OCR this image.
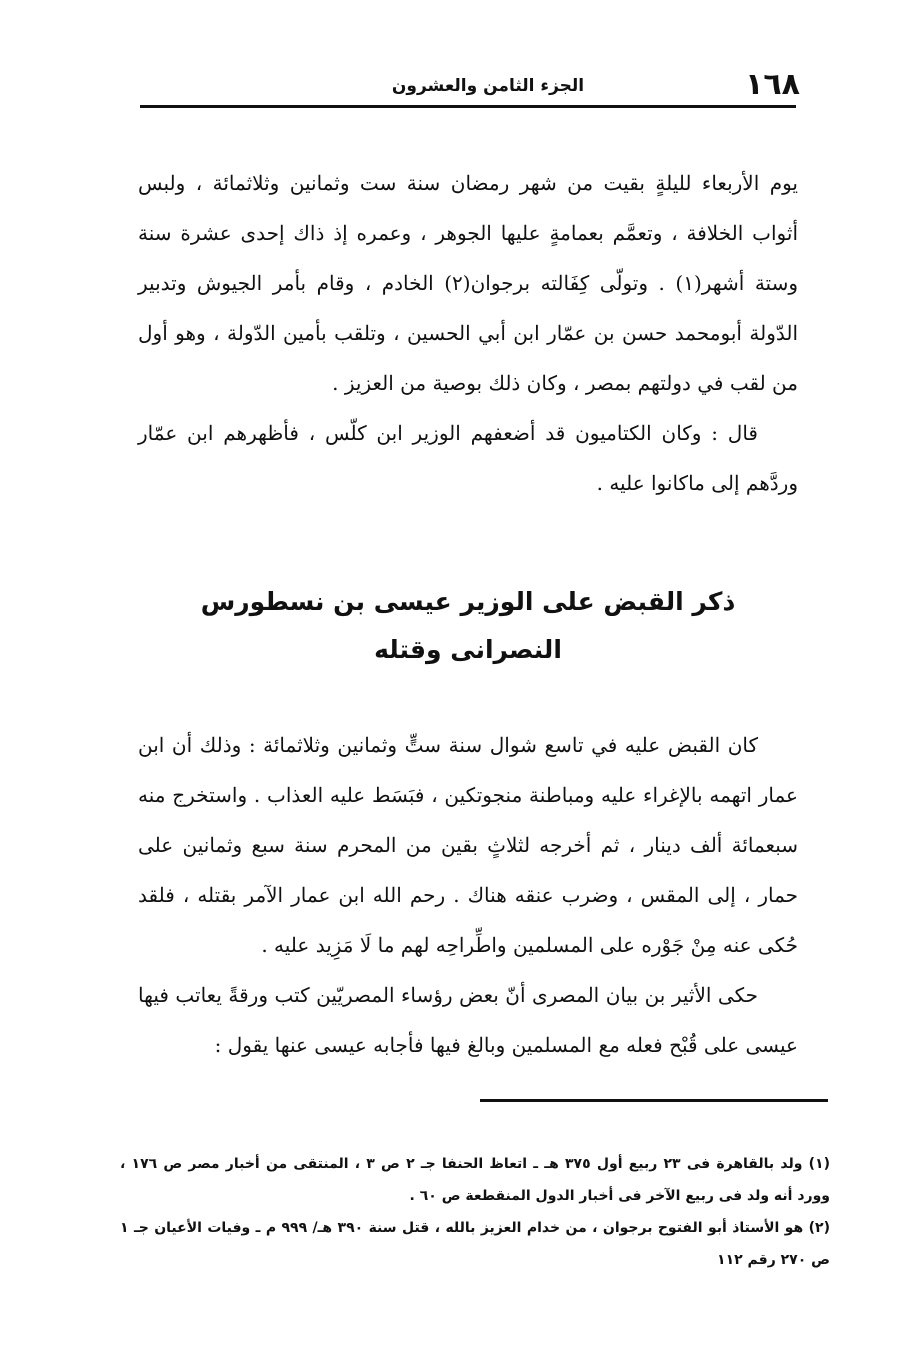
١٦٨
الجزء الثامن والعشرون

يوم الأربعاء لليلةٍ بقيت من شهر رمضان سنة ست وثمانين وثلاثمائة ، ولبس أثواب الخلافة ، وتعمَّم بعمامةٍ عليها الجوهر ، وعمره إذ ذاك إحدى عشرة سنة وستة أشهر(١) . وتولّى كِفَالته برجوان(٢) الخادم ، وقام بأمر الجيوش وتدبير الدّولة أبومحمد حسن بن عمّار ابن أبي الحسين ، وتلقب بأمين الدّولة ، وهو أول من لقب في دولتهم بمصر ، وكان ذلك بوصية من العزيز .

قال : وكان الكتاميون قد أضعفهم الوزير ابن كلّس ، فأظهرهم ابن عمّار وردَّهم إلى ماكانوا عليه .

ذكر القبض على الوزير عيسى بن نسطورس
النصرانى وقتله

كان القبض عليه في تاسع شوال سنة ستٍّ وثمانين وثلاثمائة : وذلك أن ابن عمار اتهمه بالإغراء عليه ومباطنة منجوتكين ، فبَسَط عليه العذاب . واستخرج منه سبعمائة ألف دينار ، ثم أخرجه لثلاثٍ بقين من المحرم سنة سبع وثمانين على حمار ، إلى المقس ، وضرب عنقه هناك . رحم الله ابن عمار الآمر بقتله ، فلقد حُكى عنه مِنْ جَوْره على المسلمين واطِّراحِه لهم ما لَا مَزِيد عليه .

حكى الأثير بن بيان المصرى أنّ بعض رؤساء المصريّين كتب ورقةً يعاتب فيها عيسى على قُبْح فعله مع المسلمين وبالغ فيها فأجابه عيسى عنها يقول :

(١) ولد بالقاهرة فى ٢٣ ربيع أول ٣٧٥ هـ ـ اتعاظ الحنفا جـ ٢ ص ٣ ، المنتقى من أخبار مصر ص ١٧٦ ، وورد أنه ولد فى ربيع الآخر فى أخبار الدول المنقطعة ص ٦٠ .

(٢) هو الأستاذ أبو الفتوح برجوان ، من خدام العزيز بالله ، قتل سنة ٣٩٠ هـ/ ٩٩٩ م ـ وفيات الأعيان جـ ١ ص ٢٧٠ رقم ١١٢
